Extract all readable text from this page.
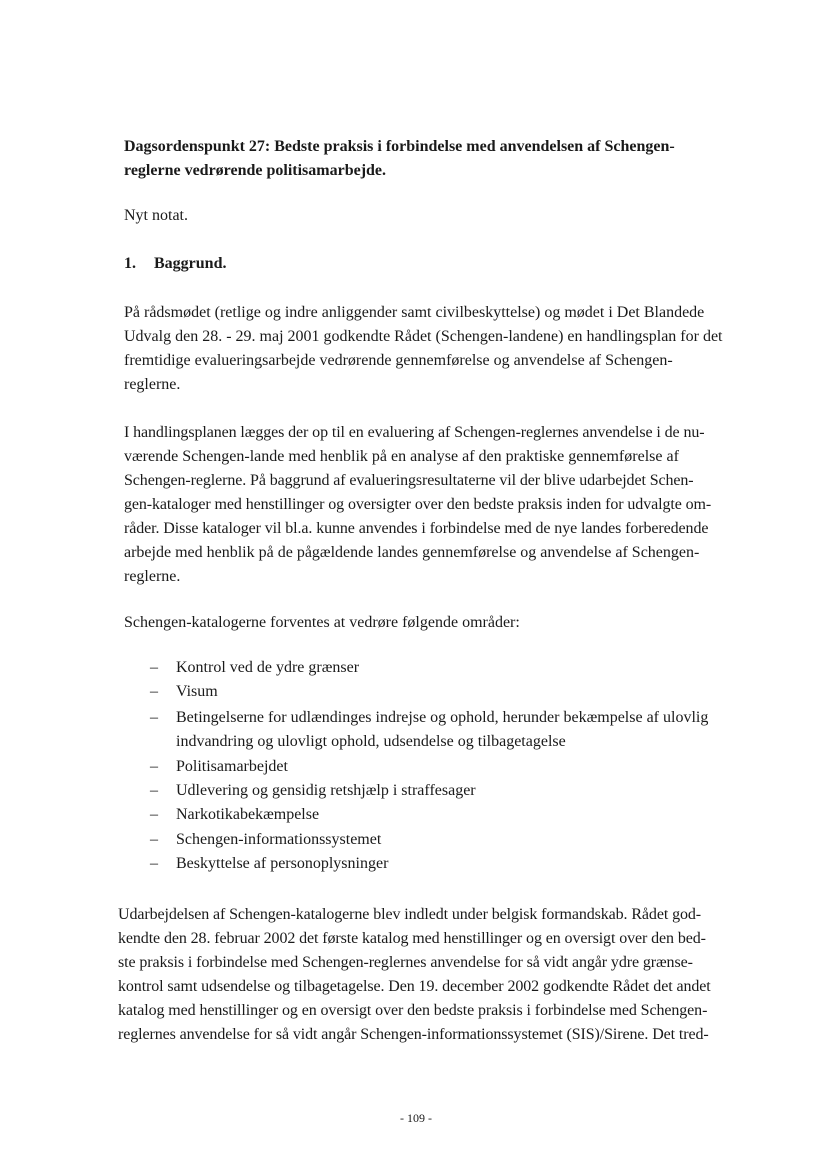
Dagsordenspunkt 27: Bedste praksis i forbindelse med anvendelsen af Schengen-
reglerne vedrørende politisamarbejde.
Nyt notat.
1. Baggrund.
På rådsmødet (retlige og indre anliggender samt civilbeskyttelse) og mødet i Det Blandede
Udvalg den 28. - 29. maj 2001 godkendte Rådet (Schengen-landene) en handlingsplan for det
fremtidige evalueringsarbejde vedrørende gennemførelse og anvendelse af Schengen-
reglerne.
I handlingsplanen lægges der op til en evaluering af Schengen-reglernes anvendelse i de nu-
værende Schengen-lande med henblik på en analyse af den praktiske gennemførelse af
Schengen-reglerne. På baggrund af evalueringsresultaterne vil der blive udarbejdet Schen-
gen-kataloger med henstillinger og oversigter over den bedste praksis inden for udvalgte om-
råder. Disse kataloger vil bl.a. kunne anvendes i forbindelse med de nye landes forberedende
arbejde med henblik på de pågældende landes gennemførelse og anvendelse af Schengen-
reglerne.
Schengen-katalogerne forventes at vedrøre følgende områder:
– Kontrol ved de ydre grænser
– Visum
– Betingelserne for udlændinges indrejse og ophold, herunder bekæmpelse af ulovlig
indvandring og ulovligt ophold, udsendelse og tilbagetagelse
– Politisamarbejdet
– Udlevering og gensidig retshjælp i straffesager
– Narkotikabekæmpelse
– Schengen-informationssystemet
– Beskyttelse af personoplysninger
Udarbejdelsen af Schengen-katalogerne blev indledt under belgisk formandskab. Rådet god-
kendte den 28. februar 2002 det første katalog med henstillinger og en oversigt over den bed-
ste praksis i forbindelse med Schengen-reglernes anvendelse for så vidt angår ydre grænse-
kontrol samt udsendelse og tilbagetagelse. Den 19. december 2002 godkendte Rådet det andet
katalog med henstillinger og en oversigt over den bedste praksis i forbindelse med Schengen-
reglernes anvendelse for så vidt angår Schengen-informationssystemet (SIS)/Sirene. Det tred-
- 109 -
